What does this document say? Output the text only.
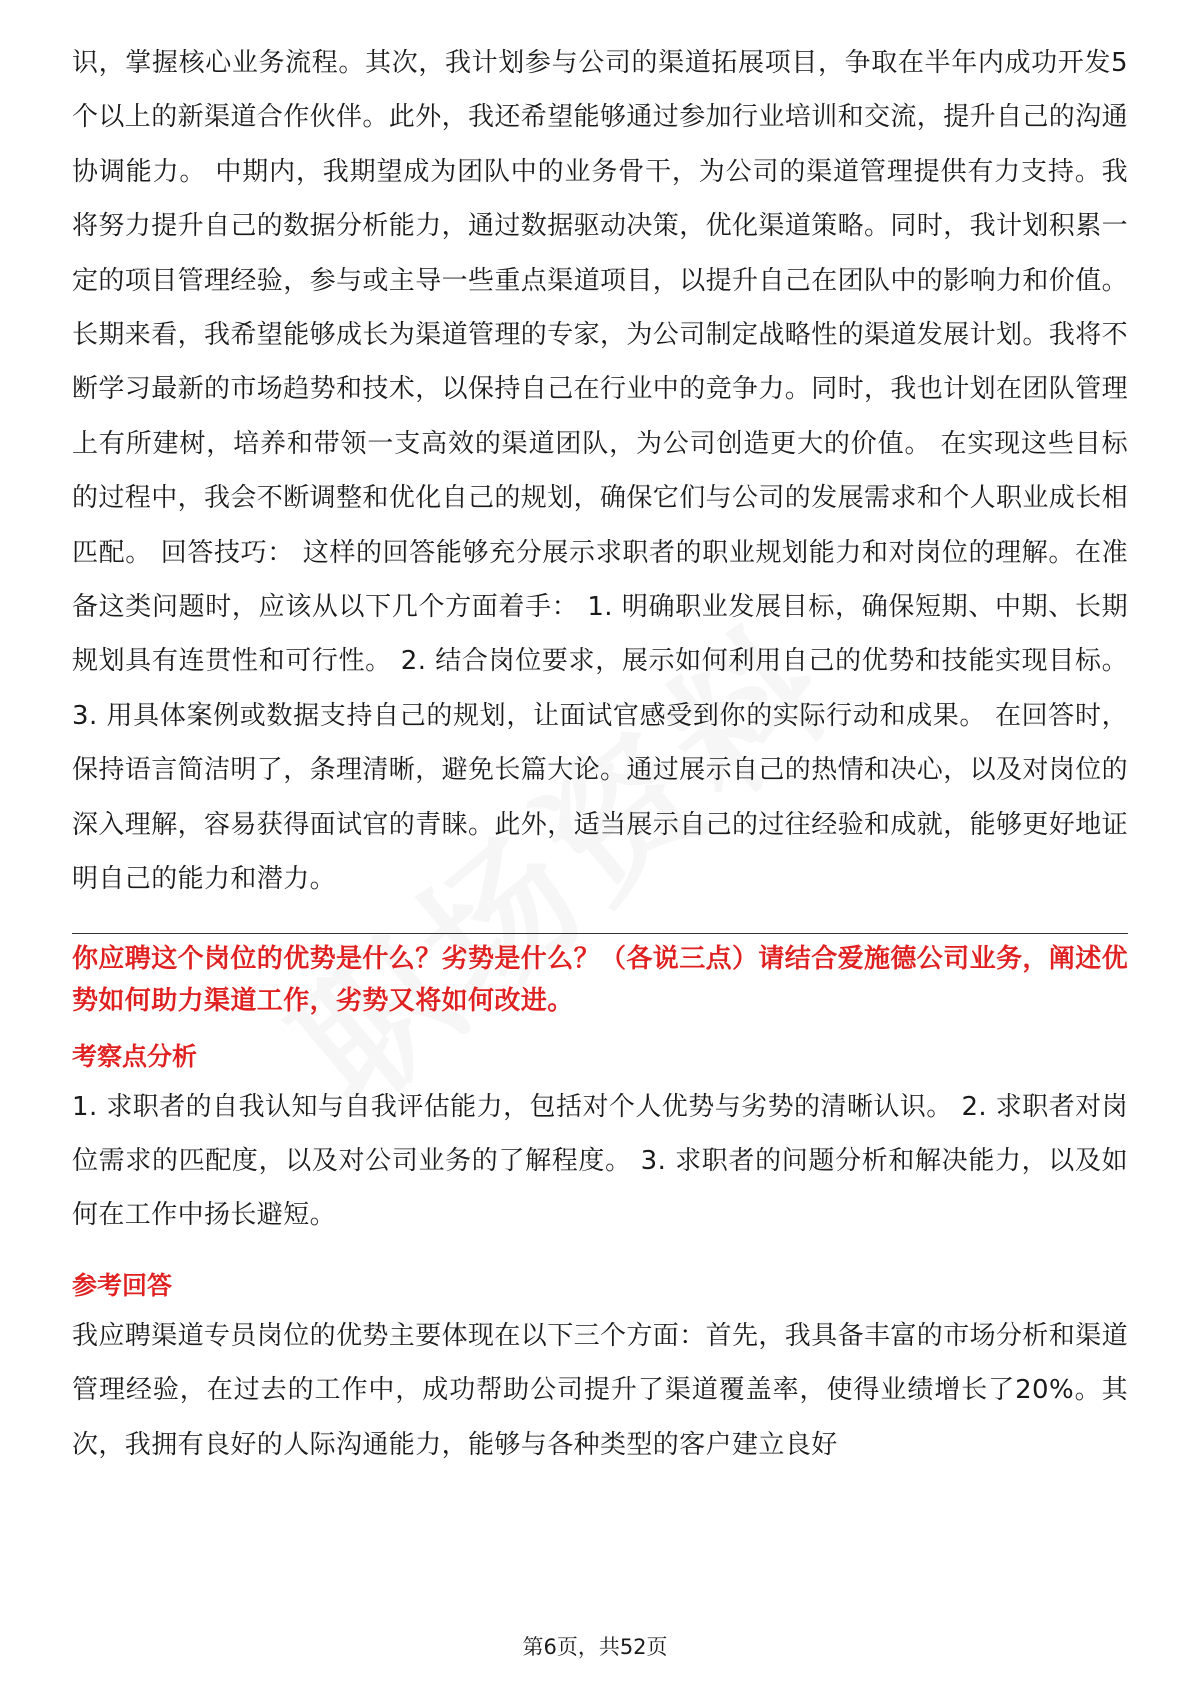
识，掌握核心业务流程。其次，我计划参与公司的渠道拓展项目，争取在半年内成功开发5个以上的新渠道合作伙伴。此外，我还希望能够通过参加行业培训和交流，提升自己的沟通协调能力。 中期内，我期望成为团队中的业务骨干，为公司的渠道管理提供有力支持。我将努力提升自己的数据分析能力，通过数据驱动决策，优化渠道策略。同时，我计划积累一定的项目管理经验，参与或主导一些重点渠道项目，以提升自己在团队中的影响力和价值。 长期来看，我希望能够成长为渠道管理的专家，为公司制定战略性的渠道发展计划。我将不断学习最新的市场趋势和技术，以保持自己在行业中的竞争力。同时，我也计划在团队管理上有所建树，培养和带领一支高效的渠道团队，为公司创造更大的价值。 在实现这些目标的过程中，我会不断调整和优化自己的规划，确保它们与公司的发展需求和个人职业成长相匹配。 回答技巧： 这样的回答能够充分展示求职者的职业规划能力和对岗位的理解。在准备这类问题时，应该从以下几个方面着手： 1. 明确职业发展目标，确保短期、中期、长期规划具有连贯性和可行性。 2. 结合岗位要求，展示如何利用自己的优势和技能实现目标。 3. 用具体案例或数据支持自己的规划，让面试官感受到你的实际行动和成果。 在回答时，保持语言简洁明了，条理清晰，避免长篇大论。通过展示自己的热情和决心，以及对岗位的深入理解，容易获得面试官的青睐。此外，适当展示自己的过往经验和成就，能够更好地证明自己的能力和潜力。

你应聘这个岗位的优势是什么？劣势是什么？（各说三点）请结合爱施德公司业务，阐述优势如何助力渠道工作，劣势又将如何改进。

考察点分析

1. 求职者的自我认知与自我评估能力，包括对个人优势与劣势的清晰认识。 2. 求职者对岗位需求的匹配度，以及对公司业务的了解程度。 3. 求职者的问题分析和解决能力，以及如何在工作中扬长避短。

参考回答

我应聘渠道专员岗位的优势主要体现在以下三个方面：首先，我具备丰富的市场分析和渠道管理经验，在过去的工作中，成功帮助公司提升了渠道覆盖率，使得业绩增长了20%。其次，我拥有良好的人际沟通能力，能够与各种类型的客户建立良好

第6页，共52页
